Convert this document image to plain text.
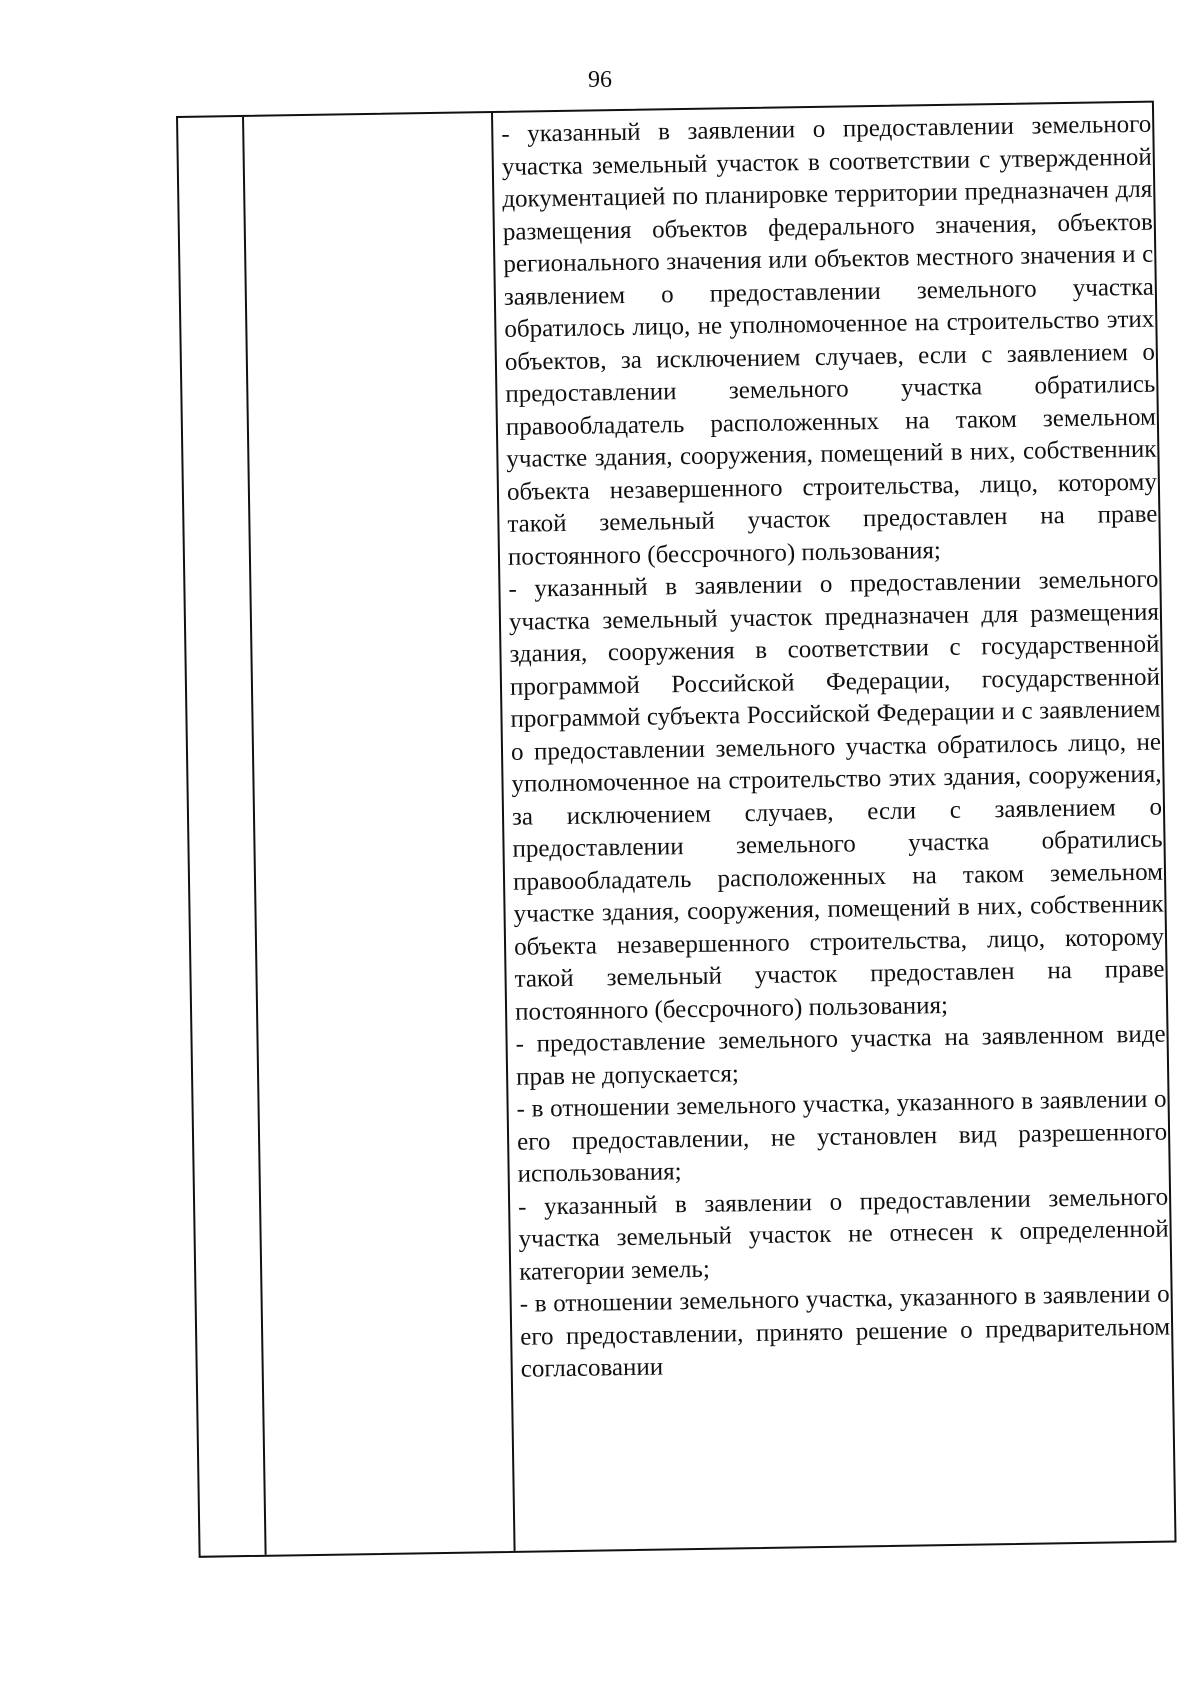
96

- указанный в заявлении о предоставлении земельного участка земельный участок в соответствии с утвержденной документацией по планировке территории предназначен для размещения объектов федерального значения, объектов регионального значения или объектов местного значения и с заявлением о предоставлении земельного участка обратилось лицо, не уполномоченное на строительство этих объектов, за исключением случаев, если с заявлением о предоставлении земельного участка обратились правообладатель расположенных на таком земельном участке здания, сооружения, помещений в них, собственник объекта незавершенного строительства, лицо, которому такой земельный участок предоставлен на праве постоянного (бессрочного) пользования;

- указанный в заявлении о предоставлении земельного участка земельный участок предназначен для размещения здания, сооружения в соответствии с государственной программой Российской Федерации, государственной программой субъекта Российской Федерации и с заявлением о предоставлении земельного участка обратилось лицо, не уполномоченное на строительство этих здания, сооружения, за исключением случаев, если с заявлением о предоставлении земельного участка обратились правообладатель расположенных на таком земельном участке здания, сооружения, помещений в них, собственник объекта незавершенного строительства, лицо, которому такой земельный участок предоставлен на праве постоянного (бессрочного) пользования;

- предоставление земельного участка на заявленном виде прав не допускается;

- в отношении земельного участка, указанного в заявлении о его предоставлении, не установлен вид разрешенного использования;

- указанный в заявлении о предоставлении земельного участка земельный участок не отнесен к определенной категории земель;

- в отношении земельного участка, указанного в заявлении о его предоставлении, принято решение о предварительном согласовании
